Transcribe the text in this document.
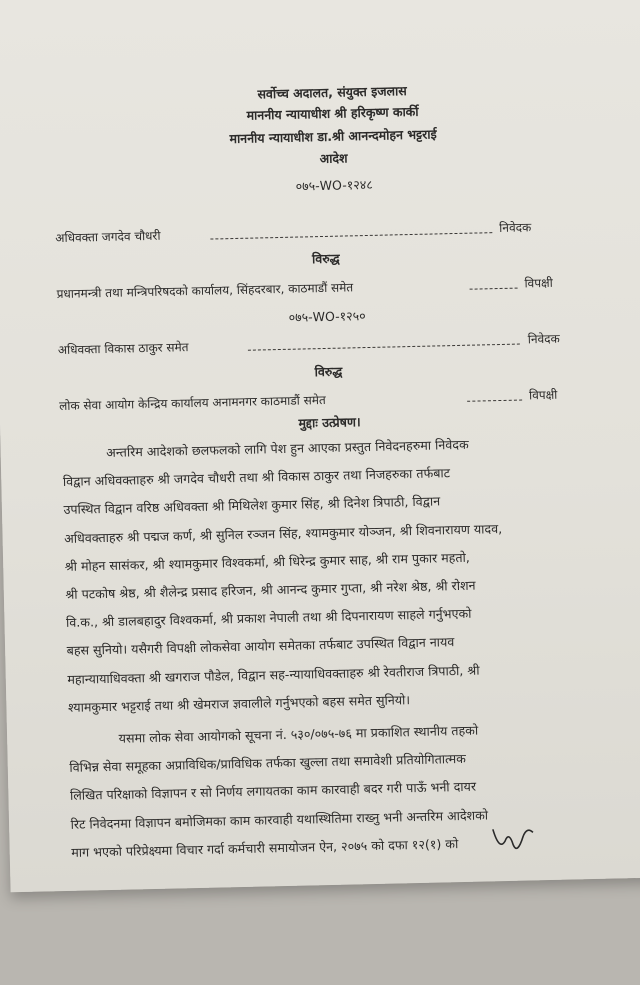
सर्वोच्च अदालत, संयुक्त इजलास
माननीय न्यायाधीश श्री हरिकृष्ण कार्की
माननीय न्यायाधीश डा.श्री आनन्दमोहन भट्टराई
आदेश
०७५-WO-१२४८
अधिवक्ता जगदेव चौधरी
निवेदक
विरुद्ध
प्रधानमन्त्री तथा मन्त्रिपरिषदको कार्यालय, सिंहदरबार, काठमाडौं समेत	विपक्षी
०७५-WO-१२५०
अधिवक्ता विकास ठाकुर समेत
निवेदक
विरुद्ध
लोक सेवा आयोग केन्द्रिय कार्यालय अनामनगर काठमाडौं समेत	विपक्षी
मुद्दाः उत्प्रेषण।
अन्तरिम आदेशको छलफलको लागि पेश हुन आएका प्रस्तुत निवेदनहरुमा निवेदक
विद्वान अधिवक्ताहरु श्री जगदेव चौधरी तथा श्री विकास ठाकुर तथा निजहरुका तर्फबाट
उपस्थित विद्वान वरिष्ठ अधिवक्ता श्री मिथिलेश कुमार सिंह, श्री दिनेश त्रिपाठी, विद्वान
अधिवक्ताहरु श्री पद्मज कर्ण, श्री सुनिल रञ्जन सिंह, श्यामकुमार योञ्जन, श्री शिवनारायण यादव,
श्री मोहन सासंकर, श्री श्यामकुमार विश्वकर्मा, श्री धिरेन्द्र कुमार साह, श्री राम पुकार महतो,
श्री पटकोष श्रेष्ठ, श्री शैलेन्द्र प्रसाद हरिजन, श्री आनन्द कुमार गुप्ता, श्री नरेश श्रेष्ठ, श्री रोशन
वि.क., श्री डालबहादुर विश्वकर्मा, श्री प्रकाश नेपाली तथा श्री दिपनारायण साहले गर्नुभएको
बहस सुनियो। यसैगरी विपक्षी लोकसेवा आयोग समेतका तर्फबाट उपस्थित विद्वान नायव
महान्यायाधिवक्ता श्री खगराज पौडेल, विद्वान सह-न्यायाधिवक्ताहरु श्री रेवतीराज त्रिपाठी, श्री
श्यामकुमार भट्टराई तथा श्री खेमराज ज्ञवालीले गर्नुभएको बहस समेत सुनियो।
यसमा लोक सेवा आयोगको सूचना नं. ५३०/०७५-७६ मा प्रकाशित स्थानीय तहको
विभिन्न सेवा समूहका अप्राविधिक/प्राविधिक तर्फका खुल्ला तथा समावेशी प्रतियोगितात्मक
लिखित परिक्षाको विज्ञापन र सो निर्णय लगायतका काम कारवाही बदर गरी पाऊँ भनी दायर
रिट निवेदनमा विज्ञापन बमोजिमका काम कारवाही यथास्थितिमा राख्नु भनी अन्तरिम आदेशको
माग भएको परिप्रेक्ष्यमा विचार गर्दा कर्मचारी समायोजन ऐन, २०७५ को दफा १२(१) को
